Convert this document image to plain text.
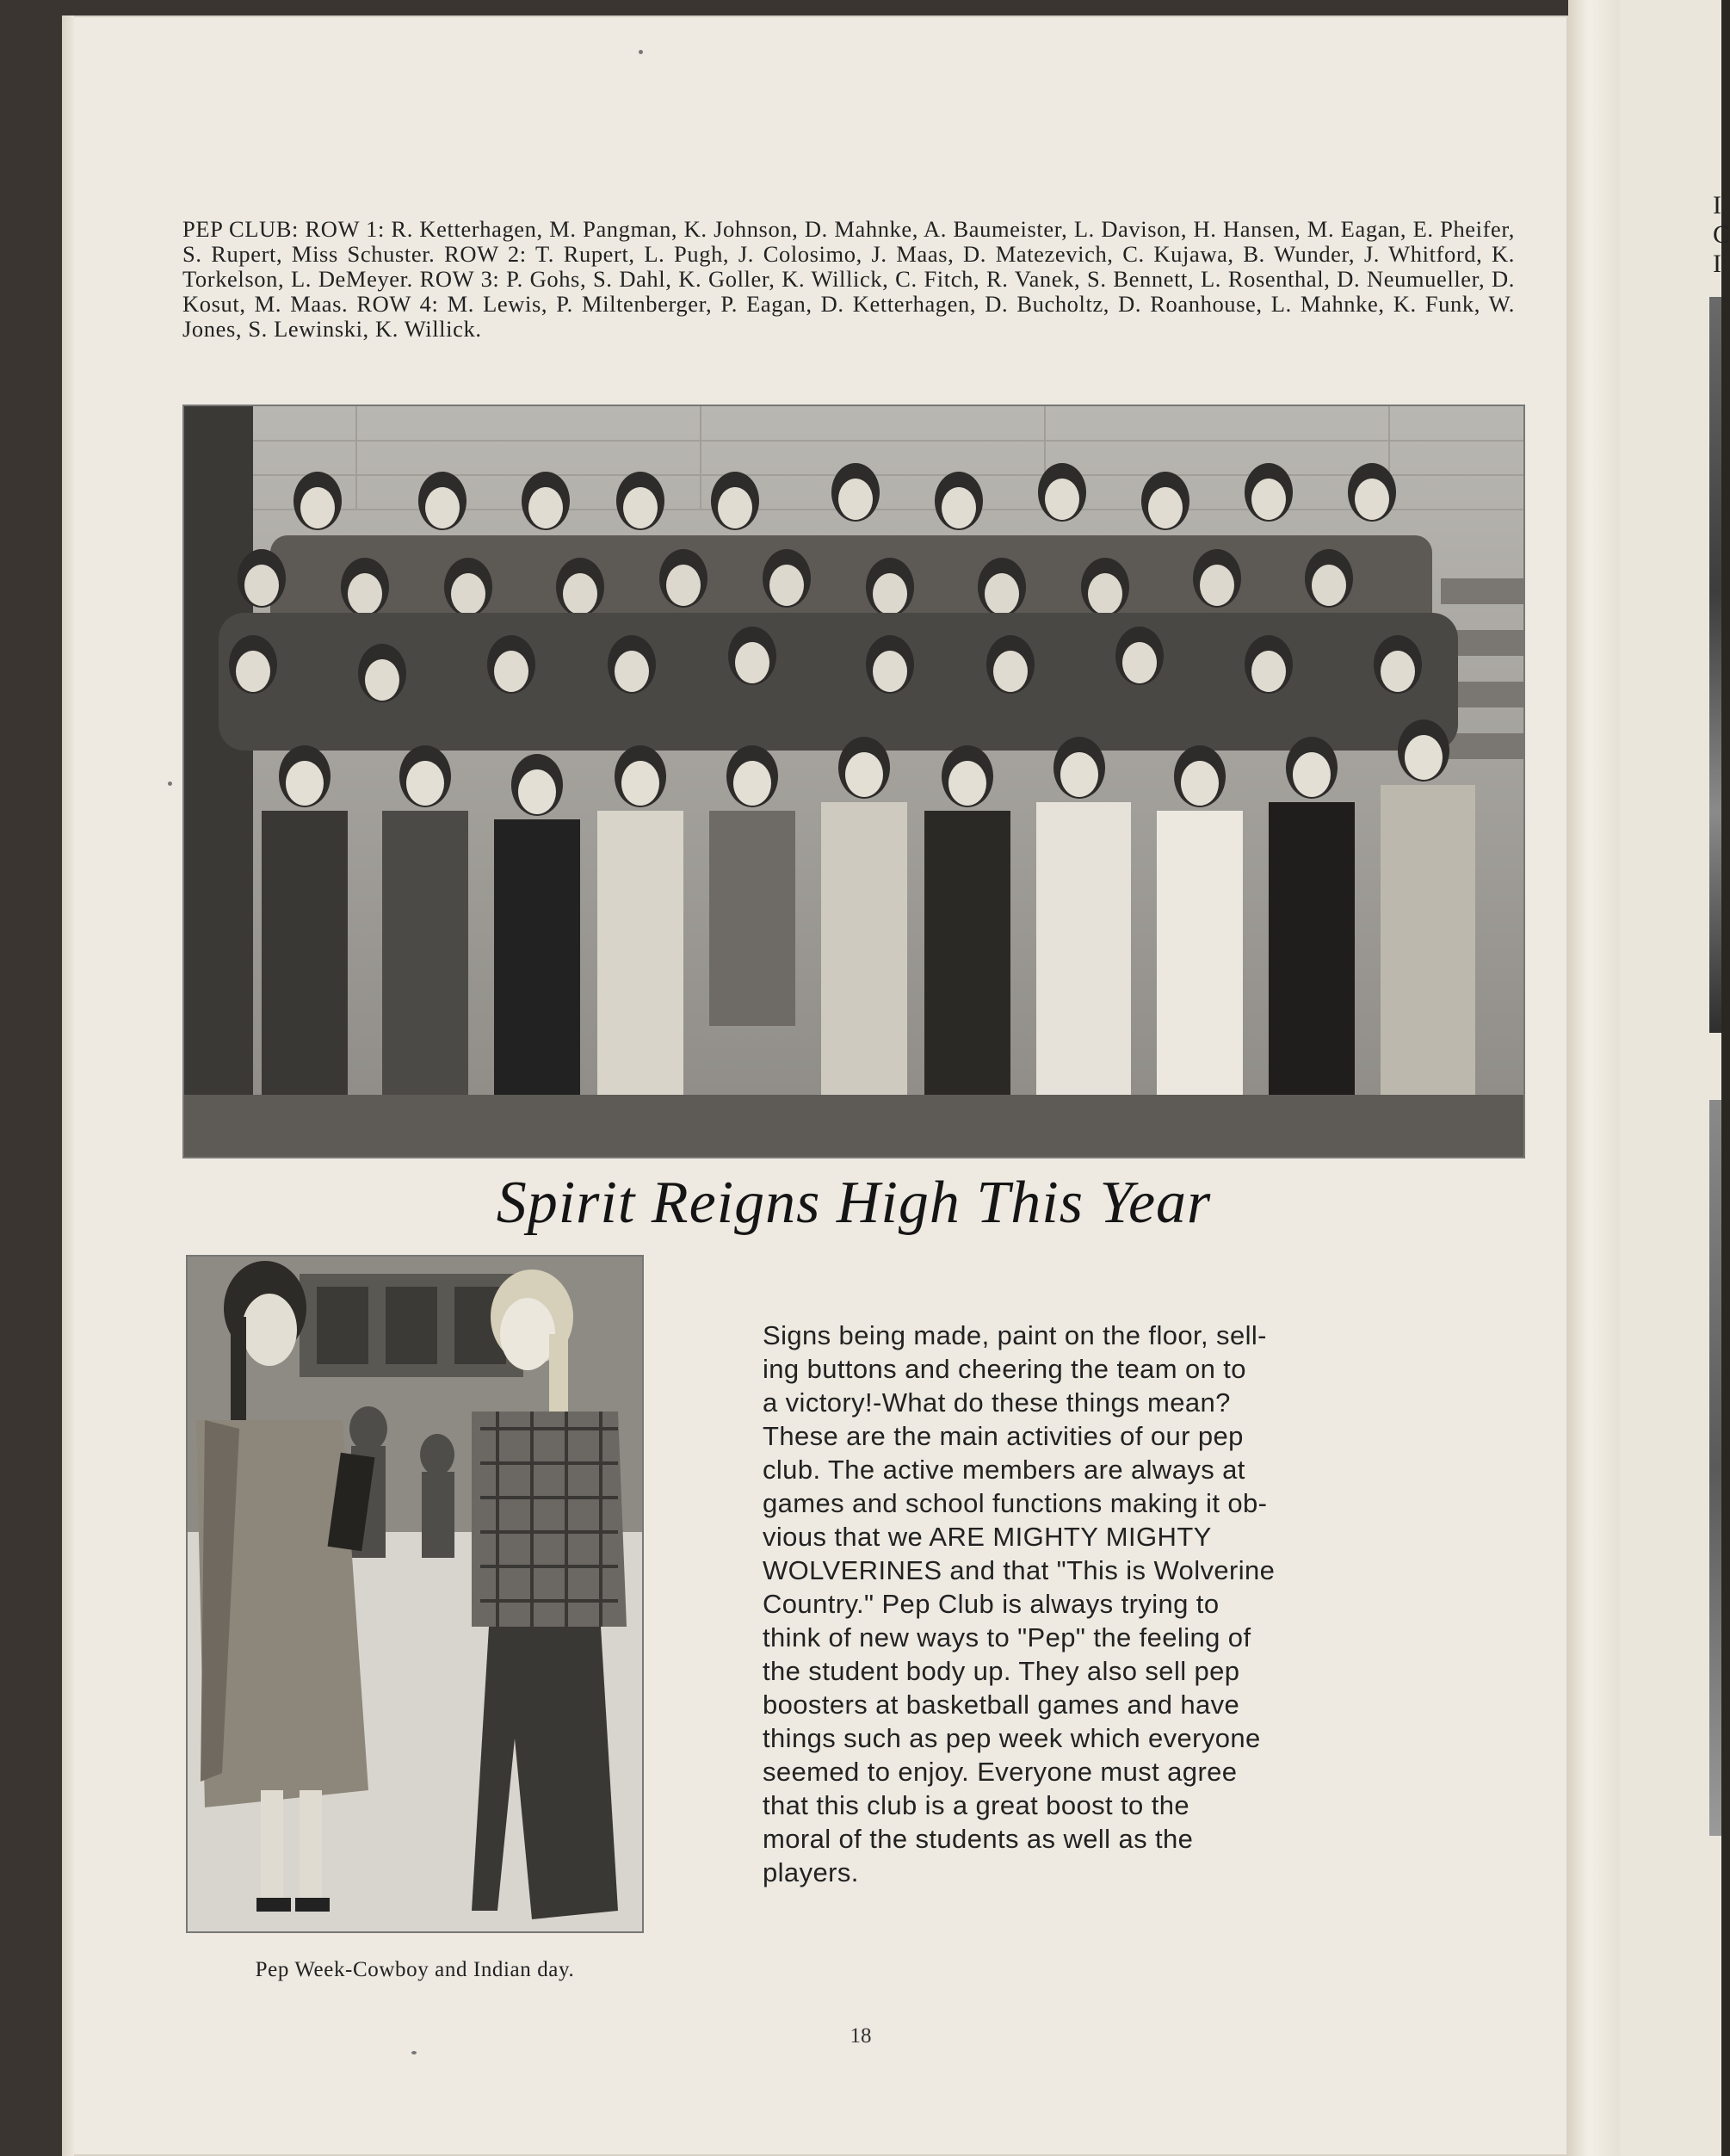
I
C
I
PEP CLUB: ROW 1: R. Ketterhagen, M. Pangman, K. Johnson, D. Mahnke, A. Baumeister, L. Davison, H. Hansen, M. Eagan, E. Pheifer, S. Rupert, Miss Schuster. ROW 2: T. Rupert, L. Pugh, J. Colosimo, J. Maas, D. Matezevich, C. Kujawa, B. Wunder, J. Whitford, K. Torkelson, L. DeMeyer. ROW 3: P. Gohs, S. Dahl, K. Goller, K. Willick, C. Fitch, R. Vanek, S. Bennett, L. Rosenthal, D. Neumueller, D. Kosut, M. Maas. ROW 4: M. Lewis, P. Miltenberger, P. Eagan, D. Ketterhagen, D. Bucholtz, D. Roanhouse, L. Mahnke, K. Funk, W. Jones, S. Lewinski, K. Willick.
Spirit Reigns High This Year
Pep Week-Cowboy and Indian day.
Signs being made, paint on the floor, sell-
ing buttons and cheering the team on to
a victory!-What do these things mean?
These are the main activities of our pep
club. The active members are always at
games and school functions making it ob-
vious that we ARE MIGHTY MIGHTY
WOLVERINES and that "This is Wolverine
Country." Pep Club is always trying to
think of new ways to "Pep" the feeling of
the student body up. They also sell pep
boosters at basketball games and have
things such as pep week which everyone
seemed to enjoy. Everyone must agree
that this club is a great boost to the
moral of the students as well as the
players.
18
